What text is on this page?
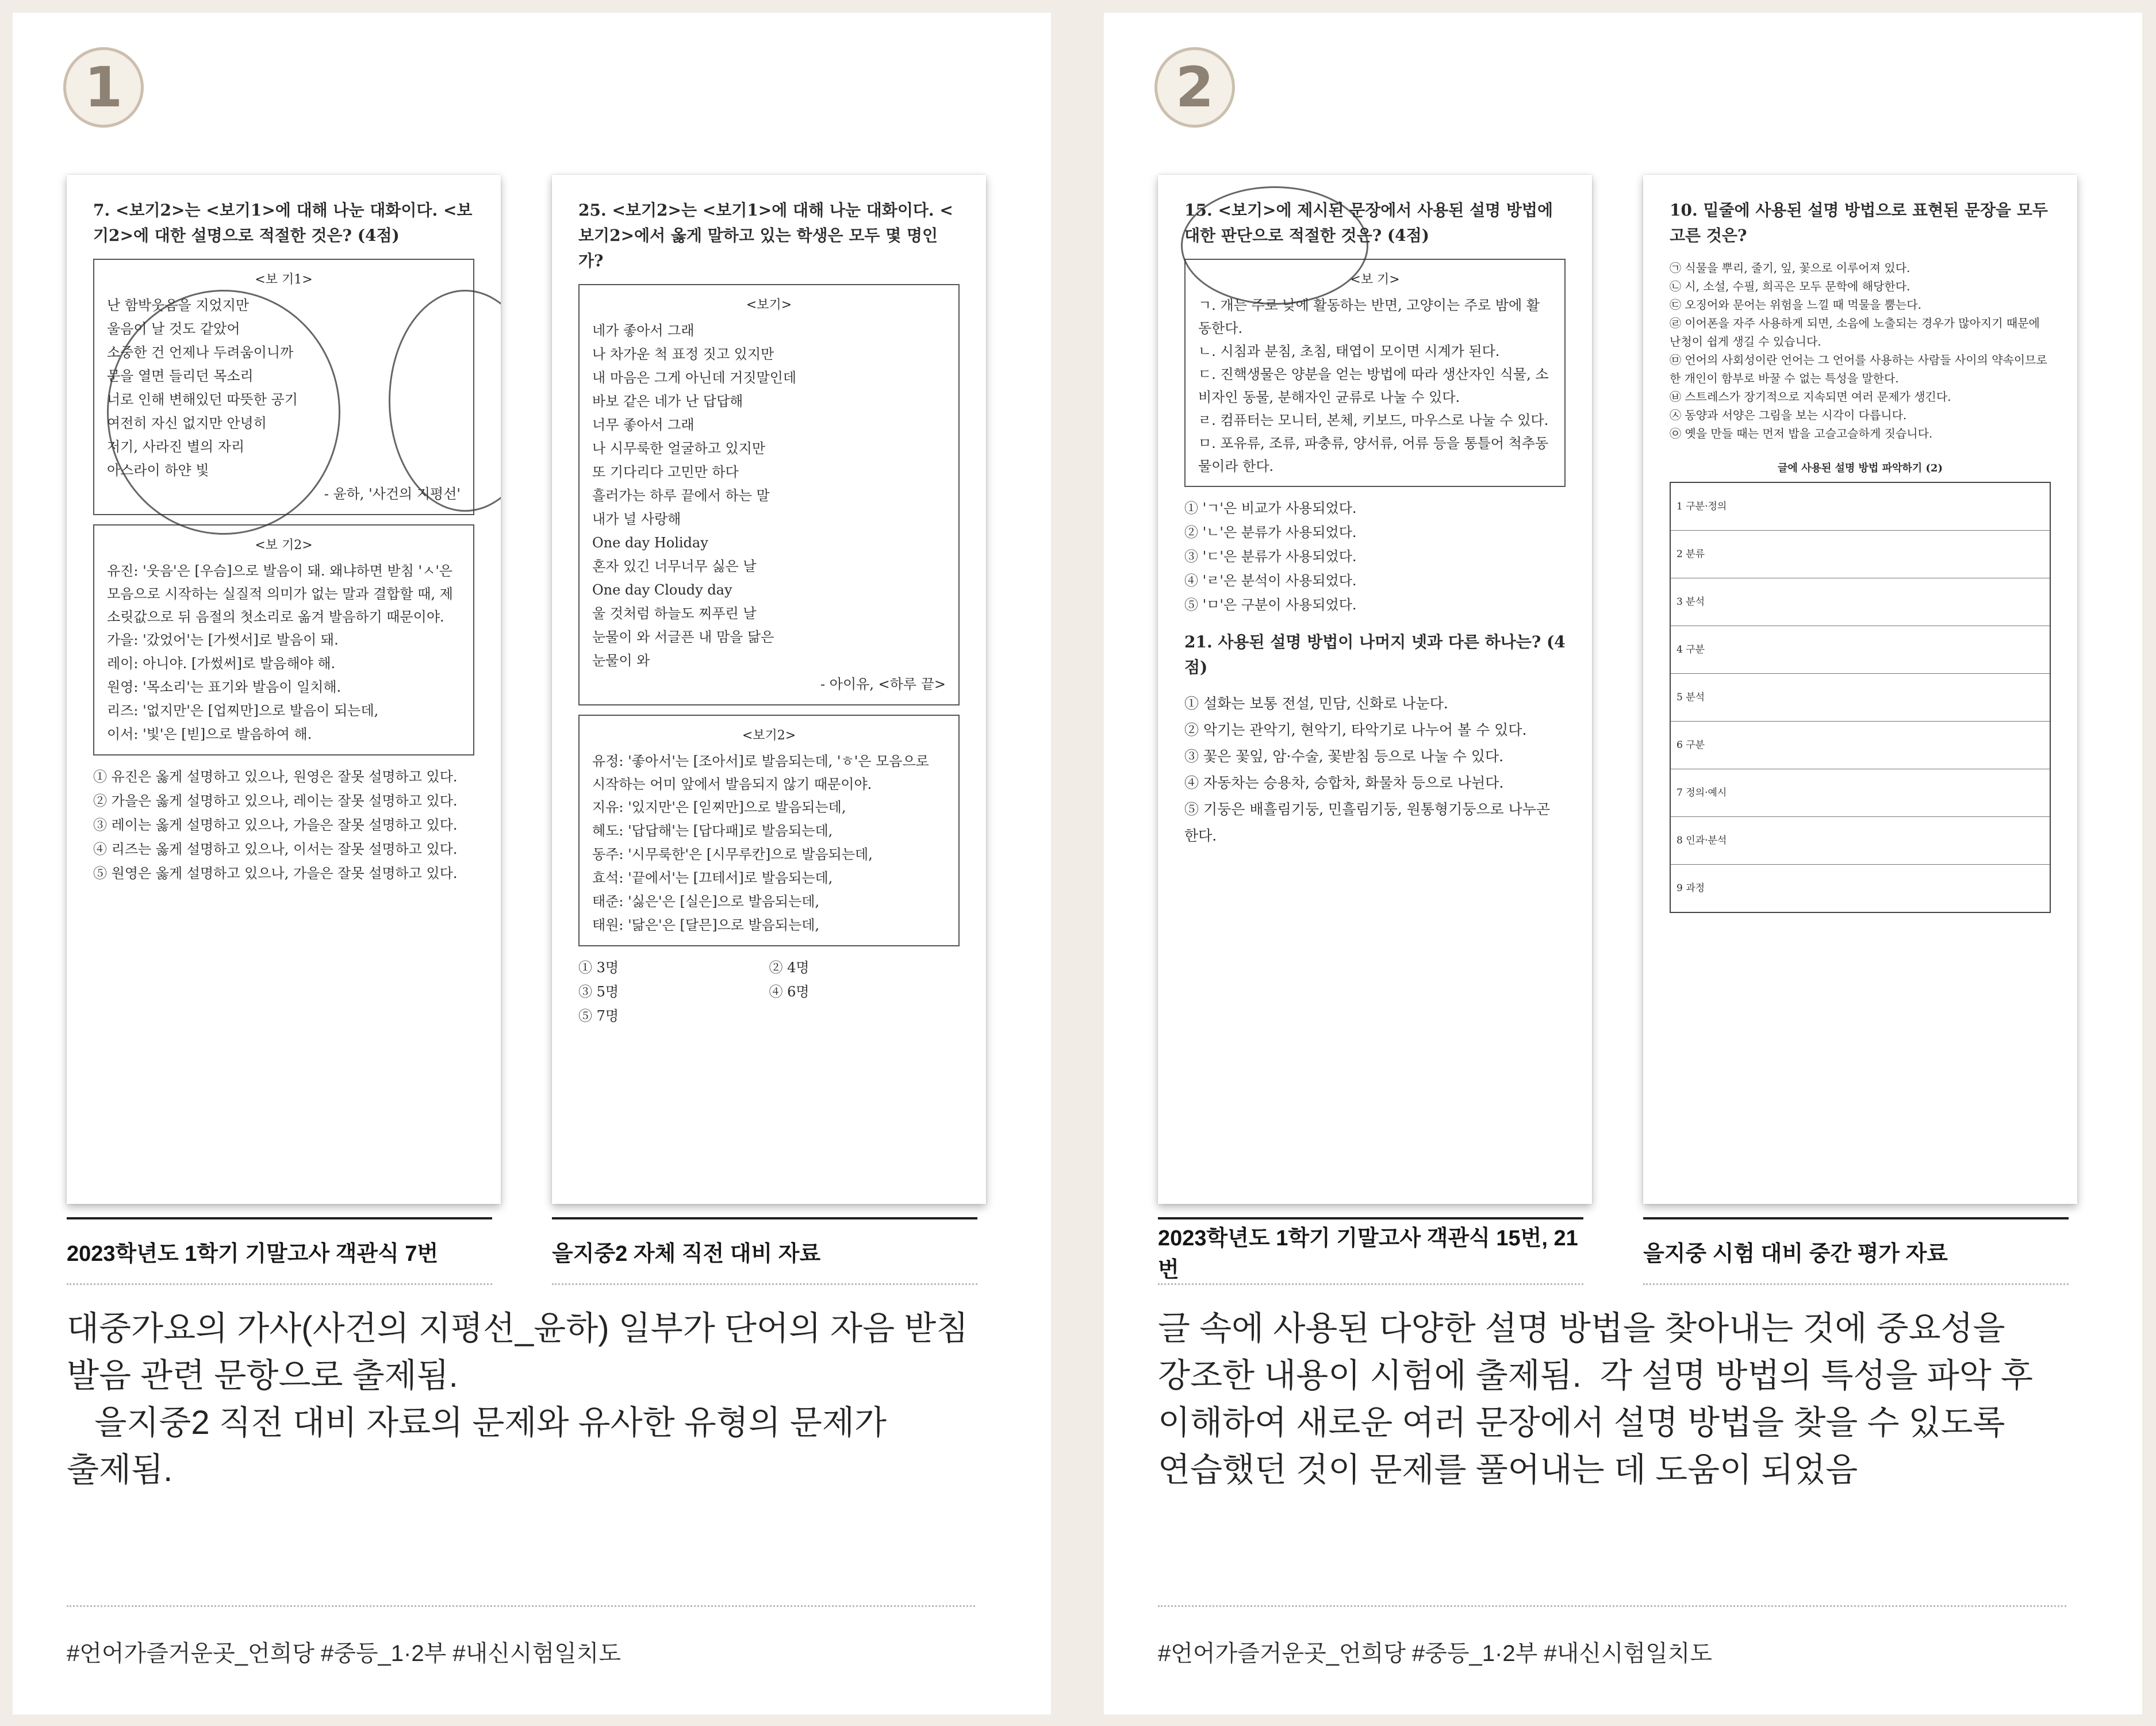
1
7. <보기2>는 <보기1>에 대해 나눈 대화이다. <보기2>에 대한 설명으로 적절한 것은? (4점)
<보 기1>
난 함박웃음을 지었지만
울음이 날 것도 같았어
소중한 건 언제나 두려움이니까
문을 열면 들리던 목소리
너로 인해 변해있던 따뜻한 공기
여전히 자신 없지만 안녕히
저기, 사라진 별의 자리
아스라이 하얀 빛
- 윤하, '사건의 지평선'
<보 기2>
유진: '웃음'은 [우슴]으로 발음이 돼. 왜냐하면 받침 'ㅅ'은 모음으로 시작하는 실질적 의미가 없는 말과 결합할 때, 제 소릿값으로 뒤 음절의 첫소리로 옮겨 발음하기 때문이야.
가을: '갔었어'는 [가썻서]로 발음이 돼.
레이: 아니야. [가썼써]로 발음해야 해.
원영: '목소리'는 표기와 발음이 일치해.
리즈: '없지만'은 [업찌만]으로 발음이 되는데,
이서: '빛'은 [빋]으로 발음하여 해.
① 유진은 옳게 설명하고 있으나, 원영은 잘못 설명하고 있다.
② 가을은 옳게 설명하고 있으나, 레이는 잘못 설명하고 있다.
③ 레이는 옳게 설명하고 있으나, 가을은 잘못 설명하고 있다.
④ 리즈는 옳게 설명하고 있으나, 이서는 잘못 설명하고 있다.
⑤ 원영은 옳게 설명하고 있으나, 가을은 잘못 설명하고 있다.
25. <보기2>는 <보기1>에 대해 나눈 대화이다. <보기2>에서 옳게 말하고 있는 학생은 모두 몇 명인가?
<보기>
네가 좋아서 그래
나 차가운 척 표정 짓고 있지만
내 마음은 그게 아닌데 거짓말인데
바보 같은 네가 난 답답해
너무 좋아서 그래
나 시무룩한 얼굴하고 있지만
또 기다리다 고민만 하다
흘러가는 하루 끝에서 하는 말
내가 널 사랑해
One day Holiday
혼자 있긴 너무너무 싫은 날
One day Cloudy day
울 것처럼 하늘도 찌푸린 날
눈물이 와 서글픈 내 맘을 닮은
눈물이 와
- 아이유, <하루 끝>
<보기2>
유정: '좋아서'는 [조아서]로 발음되는데, 'ㅎ'은 모음으로 시작하는 어미 앞에서 발음되지 않기 때문이야.
지유: '있지만'은 [읻찌만]으로 발음되는데,
혜도: '답답해'는 [답다패]로 발음되는데,
동주: '시무룩한'은 [시무루칸]으로 발음되는데,
효석: '끝에서'는 [끄테서]로 발음되는데,
태준: '싫은'은 [실은]으로 발음되는데,
태원: '닮은'은 [달믄]으로 발음되는데,
① 3명	② 4명
③ 5명	④ 6명
⑤ 7명
2023학년도 1학기 기말고사 객관식 7번	을지중2 자체 직전 대비 자료
대중가요의 가사(사건의 지평선_윤하) 일부가 단어의 자음 받침
발음 관련 문항으로 출제됨.
을지중2 직전 대비 자료의 문제와 유사한 유형의 문제가
출제됨.
#언어가즐거운곳_언희당 #중등_1·2부 #내신시험일치도
2
15. <보기>에 제시된 문장에서 사용된 설명 방법에 대한 판단으로 적절한 것은? (4점)
<보 기>
ㄱ. 개는 주로 낮에 활동하는 반면, 고양이는 주로 밤에 활동한다.
ㄴ. 시침과 분침, 초침, 태엽이 모이면 시계가 된다.
ㄷ. 진핵생물은 양분을 얻는 방법에 따라 생산자인 식물, 소비자인 동물, 분해자인 균류로 나눌 수 있다.
ㄹ. 컴퓨터는 모니터, 본체, 키보드, 마우스로 나눌 수 있다.
ㅁ. 포유류, 조류, 파충류, 양서류, 어류 등을 통틀어 척추동물이라 한다.
① 'ㄱ'은 비교가 사용되었다.
② 'ㄴ'은 분류가 사용되었다.
③ 'ㄷ'은 분류가 사용되었다.
④ 'ㄹ'은 분석이 사용되었다.
⑤ 'ㅁ'은 구분이 사용되었다.
21. 사용된 설명 방법이 나머지 넷과 다른 하나는? (4점)
① 설화는 보통 전설, 민담, 신화로 나눈다.
② 악기는 관악기, 현악기, 타악기로 나누어 볼 수 있다.
③ 꽃은 꽃잎, 암·수술, 꽃받침 등으로 나눌 수 있다.
④ 자동차는 승용차, 승합차, 화물차 등으로 나뉜다.
⑤ 기둥은 배흘림기둥, 민흘림기둥, 원통형기둥으로 나누곤 한다.
10. 밑줄에 사용된 설명 방법으로 표현된 문장을 모두 고른 것은?
㉠ 식물을 뿌리, 줄기, 잎, 꽃으로 이루어져 있다.
㉡ 시, 소설, 수필, 희곡은 모두 문학에 해당한다.
㉢ 오징어와 문어는 위험을 느낄 때 먹물을 뿜는다.
㉣ 이어폰을 자주 사용하게 되면, 소음에 노출되는 경우가 많아지기 때문에 난청이 쉽게 생길 수 있습니다.
㉤ 언어의 사회성이란 언어는 그 언어를 사용하는 사람들 사이의 약속이므로 한 개인이 함부로 바꿀 수 없는 특성을 말한다.
㉥ 스트레스가 장기적으로 지속되면 여러 문제가 생긴다.
㉦ 동양과 서양은 그림을 보는 시각이 다릅니다.
㉧ 옛을 만들 때는 먼저 밥을 고슬고슬하게 짓습니다.
글에 사용된 설명 방법 파악하기 (2)
1 구분·정의
2 분류
3 분석
4 구분
5 분석
6 구분
7 정의·예시
8 인과·분석
9 과정
2023학년도 1학기 기말고사 객관식 15번, 21번
을지중 시험 대비 중간 평가 자료
글 속에 사용된 다양한 설명 방법을 찾아내는 것에 중요성을
강조한 내용이 시험에 출제됨.  각 설명 방법의 특성을 파악 후
이해하여 새로운 여러 문장에서 설명 방법을 찾을 수 있도록
연습했던 것이 문제를 풀어내는 데 도움이 되었음
#언어가즐거운곳_언희당 #중등_1·2부 #내신시험일치도
